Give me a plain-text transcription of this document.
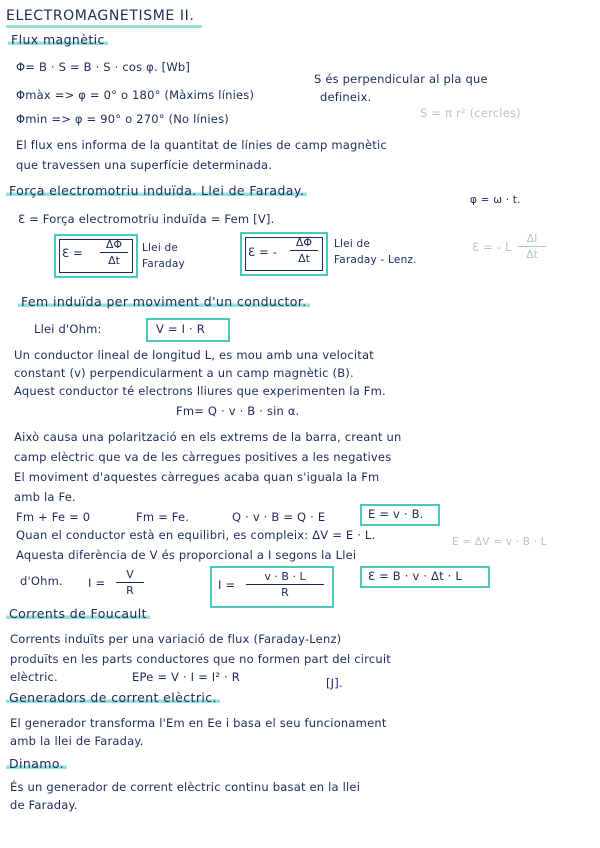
ELECTROMAGNETISME II.
Flux magnètic
Φ= B · S = B · S · cos φ. [Wb]
Φmàx => φ = 0° o 180° (Màxims línies)
Φmin => φ = 90° o 270° (No línies)
S és perpendicular al pla que
defineix.
S = π r² (cercles)
El flux ens informa de la quantitat de línies de camp magnètic
que travessen una superfície determinada.
Força electromotriu induïda. Llei de Faraday.
φ = ω · t.
Ɛ = Força electromotriu induïda = Fem [V].
Ɛ =
ΔΦ
Δt
Llei de
Faraday
Ɛ = -
ΔΦ
Δt
Llei de
Faraday - Lenz.
Ɛ = - L
ΔI
Δt
Fem induïda per moviment d'un conductor.
Llei d'Ohm:	V = I · R
Un conductor lineal de longitud L, es mou amb una velocitat
constant (v) perpendicularment a un camp magnètic (B).
Aquest conductor té electrons lliures que experimenten la Fm.
Fm= Q · v · B · sin α.
Això causa una polarització en els extrems de la barra, creant un
camp elèctric que va de les càrregues positives a les negatives
El moviment d'aquestes càrregues acaba quan s'iguala la Fm
amb la Fe.
Fm + Fe = 0	Fm = Fe.	Q · v · B = Q · E	E = v · B.
Quan el conductor està en equilibri, es compleix: ΔV = E · L.	E = ΔV = v · B · L
Aquesta diferència de V és proporcional a I segons la Llei
d'Ohm. I =
V
R	I =
v · B · L
R
Ɛ = B · v · Δt · L
Corrents de Foucault
Corrents induïts per una variació de flux (Faraday-Lenz)
produïts en les parts conductores que no formen part del circuit
elèctric.	EPe = V · I = I² · R	[J].
Generadors de corrent elèctric.
El generador transforma l'Em en Ee i basa el seu funcionament
amb la llei de Faraday.
Dinamo.
És un generador de corrent elèctric continu basat en la llei
de Faraday.
